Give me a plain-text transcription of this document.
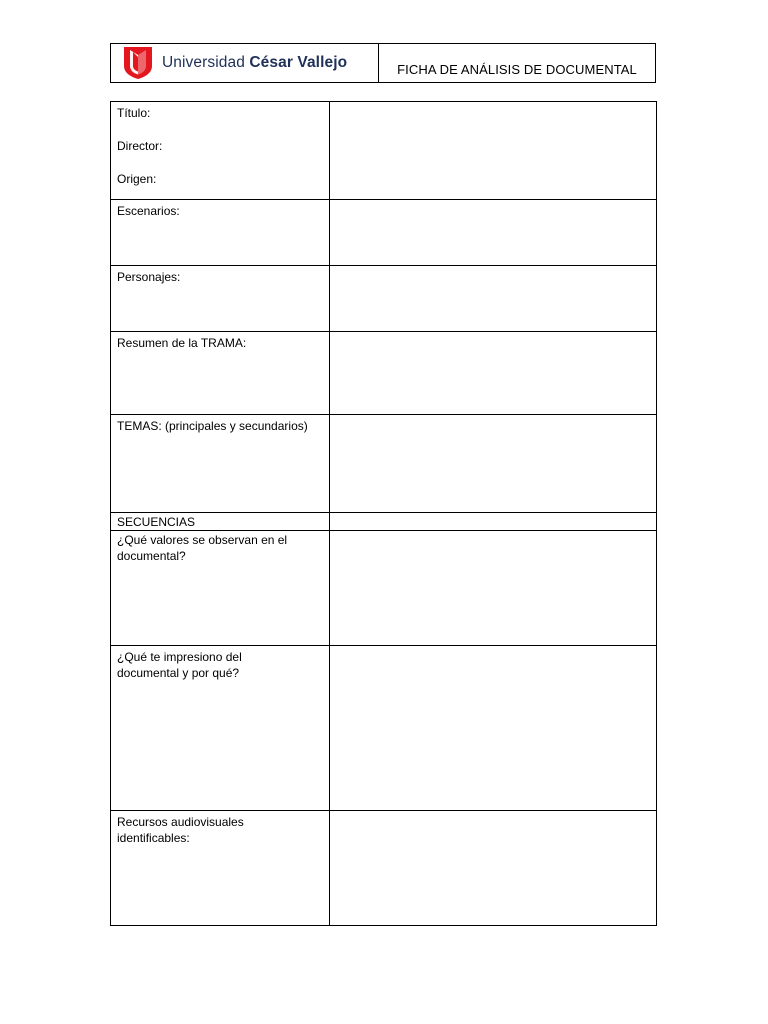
Universidad César Vallejo	FICHA DE ANÁLISIS DE DOCUMENTAL
Título:
Director:
Origen:	

Escenarios:	

Personajes:	

Resumen de la TRAMA:	

TEMAS: (principales y secundarios)	

SECUENCIAS	

¿Qué valores se observan en el
documental?	

¿Qué te impresiono del
documental y por qué?	

Recursos audiovisuales
identificables:	
